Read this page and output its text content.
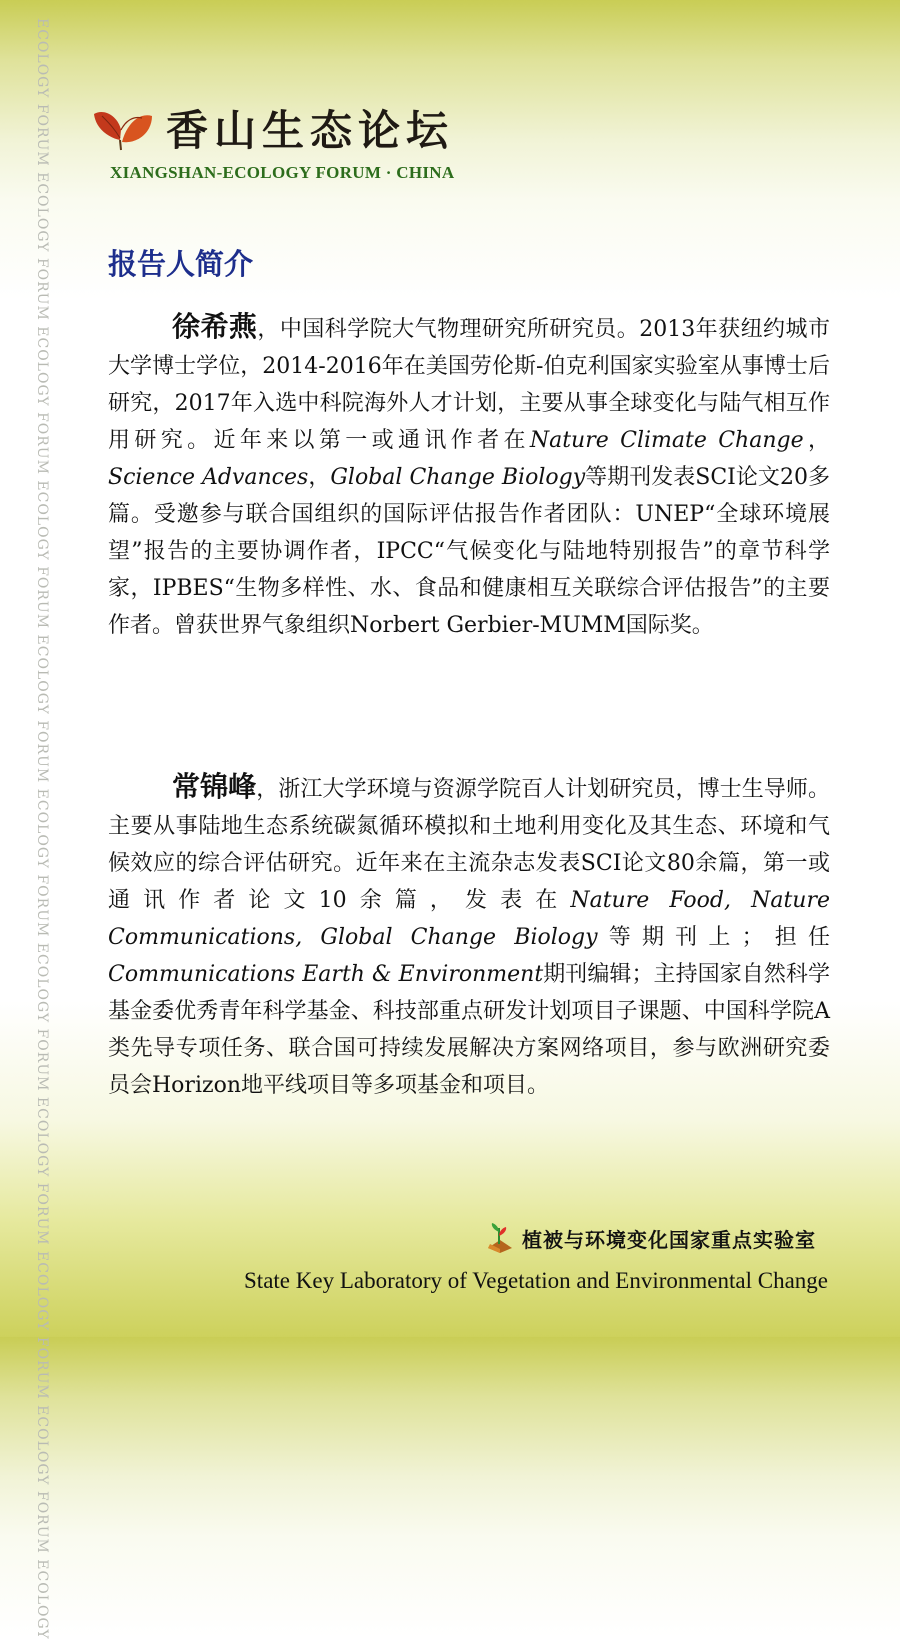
ECOLOGY FORUM ECOLOGY FORUM ECOLOGY FORUM ECOLOGY FORUM ECOLOGY FORUM ECOLOGY FORUM ECOLOGY FORUM ECOLOGY FORUM ECOLOGY FORUM ECOLOGY FORUM ECOLOGY	香山生态论坛
XIANGSHAN-ECOLOGY FORUM · CHINA
报告人简介

徐希燕，中国科学院大气物理研究所研究员。2013年获纽约城市大学博士学位，2014-2016年在美国劳伦斯-伯克利国家实验室从事博士后研究，2017年入选中科院海外人才计划，主要从事全球变化与陆气相互作用研究。近年来以第一或通讯作者在Nature Climate Change，Science Advances，Global Change Biology等期刊发表SCI论文20多篇。受邀参与联合国组织的国际评估报告作者团队：UNEP“全球环境展望”报告的主要协调作者，IPCC“气候变化与陆地特别报告”的章节科学家，IPBES“生物多样性、水、食品和健康相互关联综合评估报告”的主要作者。曾获世界气象组织Norbert Gerbier-MUMM国际奖。

常锦峰，浙江大学环境与资源学院百人计划研究员，博士生导师。主要从事陆地生态系统碳氮循环模拟和土地利用变化及其生态、环境和气候效应的综合评估研究。近年来在主流杂志发表SCI论文80余篇，第一或通讯作者论文10余篇，发表在Nature Food, Nature Communications, Global Change Biology等期刊上；担任Communications Earth & Environment期刊编辑；主持国家自然科学基金委优秀青年科学基金、科技部重点研发计划项目子课题、中国科学院A类先导专项任务、联合国可持续发展解决方案网络项目，参与欧洲研究委员会Horizon地平线项目等多项基金和项目。

植被与环境变化国家重点实验室
State Key Laboratory of Vegetation and Environmental Change
